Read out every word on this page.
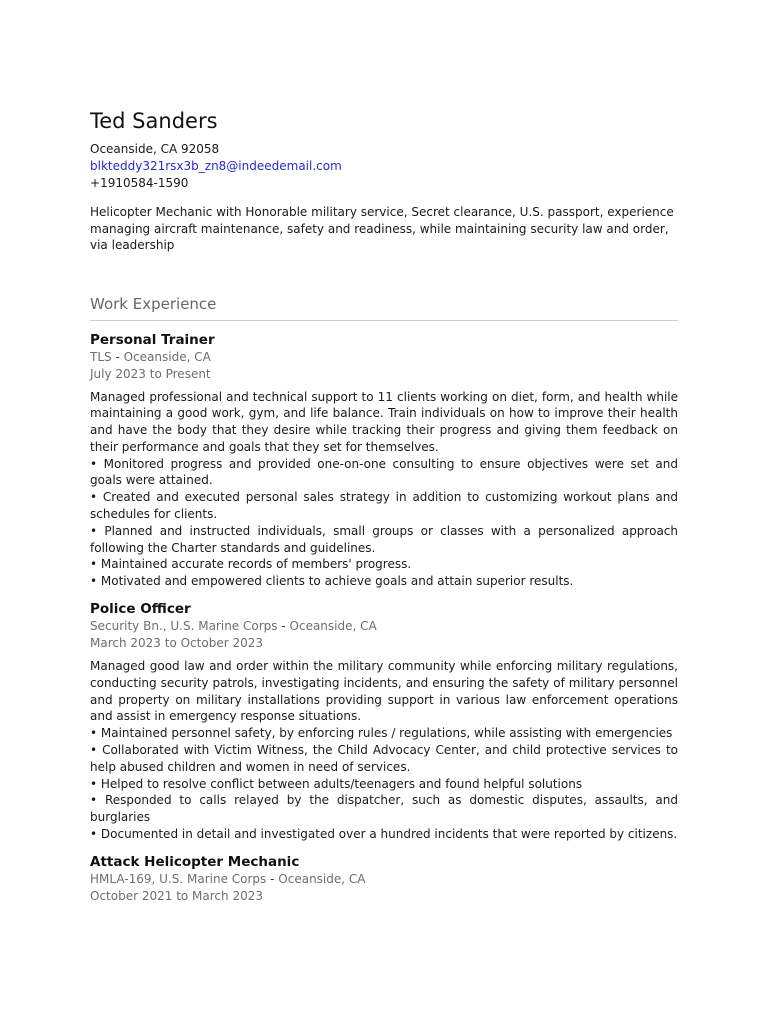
Ted Sanders
Oceanside, CA 92058
blkteddy321rsx3b_zn8@indeedemail.com
+1910584-1590
Helicopter Mechanic with Honorable military service, Secret clearance, U.S. passport, experience managing aircraft maintenance, safety and readiness, while maintaining security law and order, via leadership
Work Experience
Personal Trainer
TLS - Oceanside, CA
July 2023 to Present

Managed professional and technical support to 11 clients working on diet, form, and health while maintaining a good work, gym, and life balance. Train individuals on how to improve their health and have the body that they desire while tracking their progress and giving them feedback on their performance and goals that they set for themselves.

• Monitored progress and provided one-on-one consulting to ensure objectives were set and goals were attained.

• Created and executed personal sales strategy in addition to customizing workout plans and schedules for clients.

• Planned and instructed individuals, small groups or classes with a personalized approach following the Charter standards and guidelines.

• Maintained accurate records of members' progress.

• Motivated and empowered clients to achieve goals and attain superior results.

Police Officer
Security Bn., U.S. Marine Corps - Oceanside, CA
March 2023 to October 2023

Managed good law and order within the military community while enforcing military regulations, conducting security patrols, investigating incidents, and ensuring the safety of military personnel and property on military installations providing support in various law enforcement operations and assist in emergency response situations.

• Maintained personnel safety, by enforcing rules / regulations, while assisting with emergencies

• Collaborated with Victim Witness, the Child Advocacy Center, and child protective services to help abused children and women in need of services.

• Helped to resolve conflict between adults/teenagers and found helpful solutions

• Responded to calls relayed by the dispatcher, such as domestic disputes, assaults, and burglaries

• Documented in detail and investigated over a hundred incidents that were reported by citizens.

Attack Helicopter Mechanic
HMLA-169, U.S. Marine Corps - Oceanside, CA
October 2021 to March 2023
